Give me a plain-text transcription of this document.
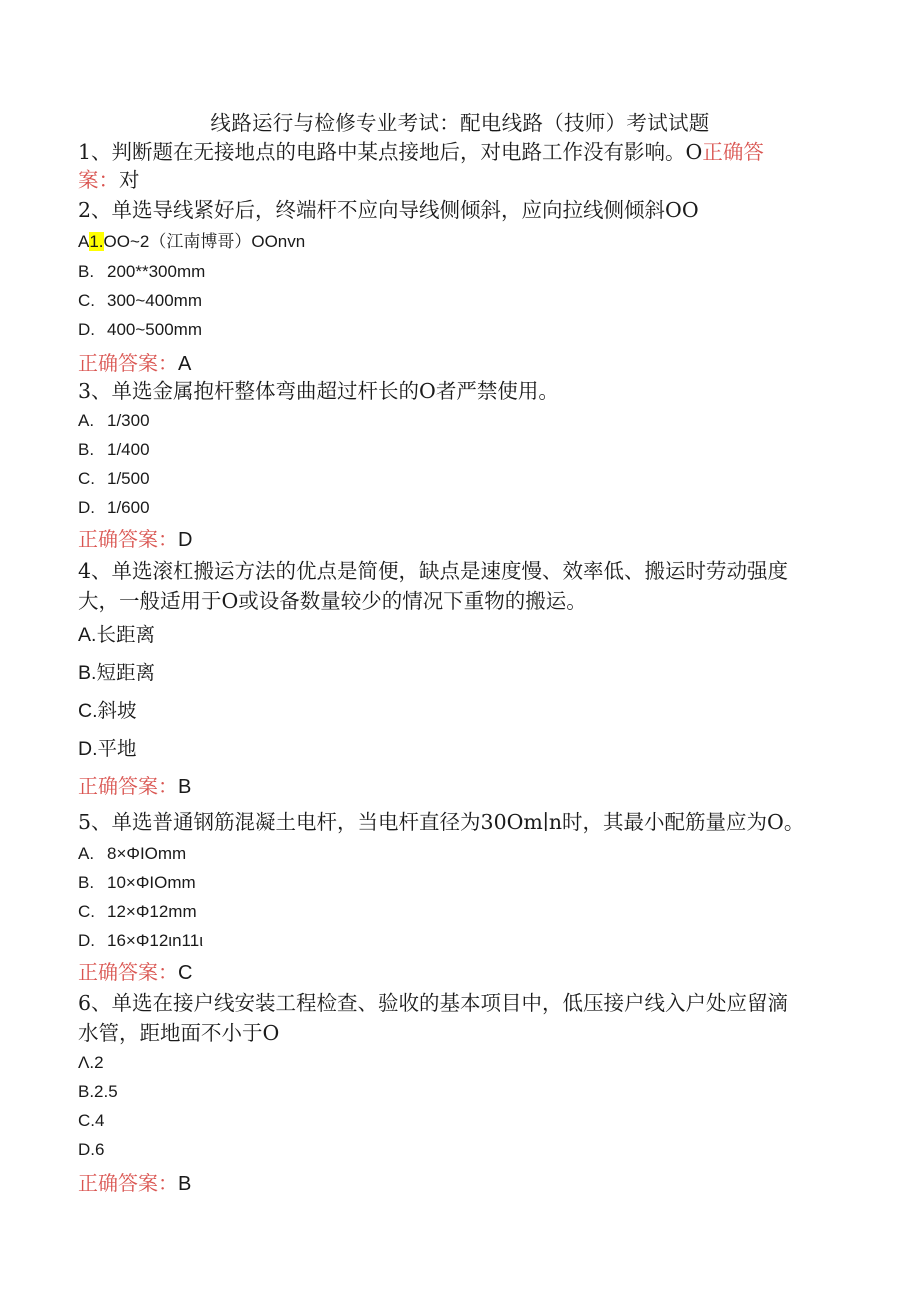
线路运行与检修专业考试：配电线路（技师）考试试题

1、判断题在无接地点的电路中某点接地后，对电路工作没有影响。O正确答

案：对

2、单选导线紧好后，终端杆不应向导线侧倾斜，应向拉线侧倾斜OO

A1.OO~2（江南博哥）OOnvn

B. 200**300mm

C. 300~400mm

D. 400~500mm

正确答案：A

3、单选金属抱杆整体弯曲超过杆长的O者严禁使用。

A. 1/300

B. 1/400

C. 1/500

D. 1/600

正确答案：D

4、单选滚杠搬运方法的优点是简便，缺点是速度慢、效率低、搬运时劳动强度

大，一般适用于O或设备数量较少的情况下重物的搬运。

A.长距离

B.短距离

C.斜坡

D.平地

正确答案：B

5、单选普通钢筋混凝土电杆，当电杆直径为30Om∣n时，其最小配筋量应为O。

A. 8×ΦIOmm

B. 10×ΦIOmm

C. 12×Φ12mm

D. 16×Φ12ιn11ι

正确答案：C

6、单选在接户线安装工程检查、验收的基本项目中，低压接户线入户处应留滴

水管，距地面不小于O

Λ.2

B.2.5

C.4

D.6

正确答案：B
